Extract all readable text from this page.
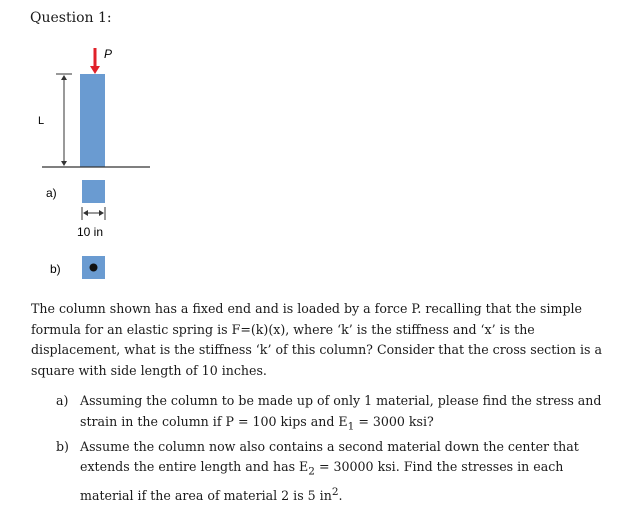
Question 1:
P
L
a)
10 in
b)
The column shown has a fixed end and is loaded by a force P. recalling that the simple formula for an elastic spring is F=(k)(x), where ‘k’ is the stiffness and ‘x’ is the displacement, what is the stiffness ‘k’ of this column? Consider that the cross section is a square with side length of 10 inches.
a) Assuming the column to be made up of only 1 material, please find the stress and strain in the column if P = 100 kips and $E_1 = 3000$ ksi?
b) Assume the column now also contains a second material down the center that extends the entire length and has $E_2 = 30000$ ksi. Find the stresses in each material if the area of material 2 is 5 $in^2$.
